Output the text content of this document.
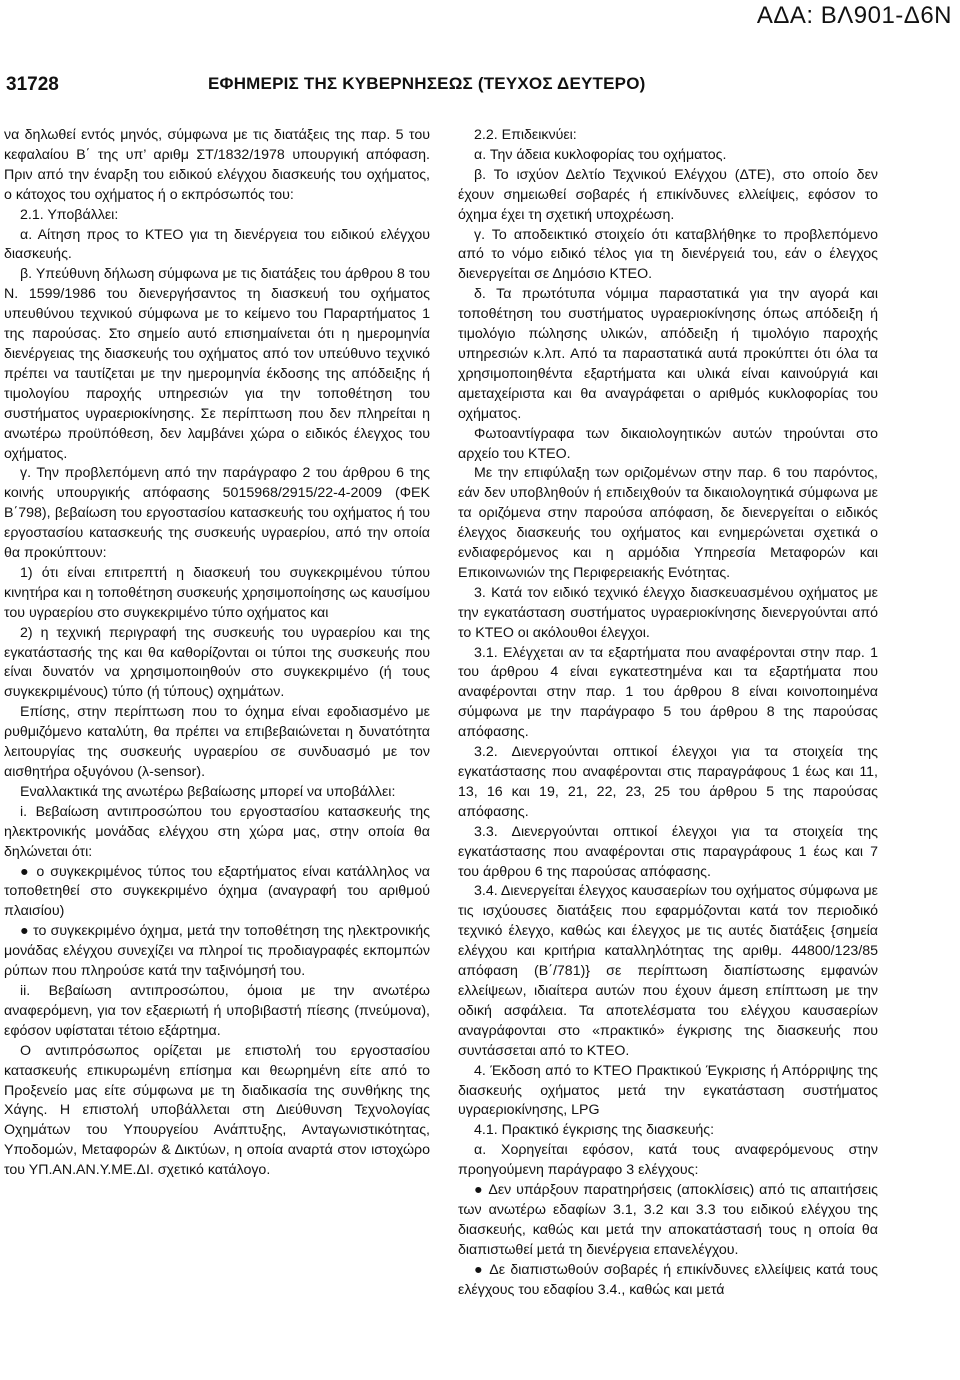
ΑΔΑ: ΒΛ901-Δ6Ν
31728	ΕΦΗΜΕΡΙΣ ΤΗΣ ΚΥΒΕΡΝΗΣΕΩΣ (ΤΕΥΧΟΣ ΔΕΥΤΕΡΟ)

να δηλωθεί εντός μηνός, σύμφωνα με τις διατάξεις της παρ. 5 του κεφαλαίου Β΄ της υπ’ αριθμ ΣΤ/1832/1978 υπουργική απόφαση. Πριν από την έναρξη του ειδικού ελέγχου διασκευής του οχήματος, ο κάτοχος του οχήματος ή ο εκπρόσωπός του:

2.1. Υποβάλλει:

α. Αίτηση προς το ΚΤΕΟ για τη διενέργεια του ειδικού ελέγχου διασκευής.

β. Υπεύθυνη δήλωση σύμφωνα με τις διατάξεις του άρθρου 8 του Ν. 1599/1986 του διενεργήσαντος τη διασκευή του οχήματος υπευθύνου τεχνικού σύμφωνα με το κείμενο του Παραρτήματος 1 της παρούσας. Στο σημείο αυτό επισημαίνεται ότι η ημερομηνία διενέργειας της διασκευής του οχήματος από τον υπεύθυνο τεχνικό πρέπει να ταυτίζεται με την ημερομηνία έκδοσης της απόδειξης ή τιμολογίου παροχής υπηρεσιών για την τοποθέτηση του συστήματος υγραεριοκίνησης. Σε περίπτωση που δεν πληρείται η ανωτέρω προϋπόθεση, δεν λαμβάνει χώρα ο ειδικός έλεγχος του οχήματος.

γ. Την προβλεπόμενη από την παράγραφο 2 του άρθρου 6 της κοινής υπουργικής απόφασης 5015968/2915/22-4-2009 (ΦΕΚ Β΄798), βεβαίωση του εργοστασίου κατασκευής του οχήματος ή του εργοστασίου κατασκευής της συσκευής υγραερίου, από την οποία θα προκύπτουν:

1) ότι είναι επιτρεπτή η διασκευή του συγκεκριμένου τύπου κινητήρα και η τοποθέτηση συσκευής χρησιμοποίησης ως καυσίμου του υγραερίου στο συγκεκριμένο τύπο οχήματος και

2) η τεχνική περιγραφή της συσκευής του υγραερίου και της εγκατάστασής της και θα καθορίζονται οι τύποι της συσκευής που είναι δυνατόν να χρησιμοποιηθούν στο συγκεκριμένο (ή τους συγκεκριμένους) τύπο (ή τύπους) οχημάτων.

Επίσης, στην περίπτωση που το όχημα είναι εφοδιασμένο με ρυθμιζόμενο καταλύτη, θα πρέπει να επιβεβαιώνεται η δυνατότητα λειτουργίας της συσκευής υγραερίου σε συνδυασμό με τον αισθητήρα οξυγόνου (λ-sensor).

Εναλλακτικά της ανωτέρω βεβαίωσης μπορεί να υποβάλλει:

i. Βεβαίωση αντιπροσώπου του εργοστασίου κατασκευής της ηλεκτρονικής μονάδας ελέγχου στη χώρα μας, στην οποία θα δηλώνεται ότι:

● ο συγκεκριμένος τύπος του εξαρτήματος είναι κατάλληλος να τοποθετηθεί στο συγκεκριμένο όχημα (αναγραφή του αριθμού πλαισίου)

● το συγκεκριμένο όχημα, μετά την τοποθέτηση της ηλεκτρονικής μονάδας ελέγχου συνεχίζει να πληροί τις προδιαγραφές εκπομπών ρύπων που πληρούσε κατά την ταξινόμησή του.

ii. Βεβαίωση αντιπροσώπου, όμοια με την ανωτέρω αναφερόμενη, για τον εξαεριωτή ή υποβιβαστή πίεσης (πνεύμονα), εφόσον υφίσταται τέτοιο εξάρτημα.

Ο αντιπρόσωπος ορίζεται με επιστολή του εργοστασίου κατασκευής επικυρωμένη επίσημα και θεωρημένη είτε από το Προξενείο μας είτε σύμφωνα με τη διαδικασία της συνθήκης της Χάγης. Η επιστολή υποβάλλεται στη Διεύθυνση Τεχνολογίας Οχημάτων του Υπουργείου Ανάπτυξης, Ανταγωνιστικότητας, Υποδομών, Μεταφορών & Δικτύων, η οποία αναρτά στον ιστοχώρο του ΥΠ.ΑΝ.ΑΝ.Υ.ΜΕ.ΔΙ. σχετικό κατάλογο.

2.2. Επιδεικνύει:

α. Την άδεια κυκλοφορίας του οχήματος.

β. Το ισχύον Δελτίο Τεχνικού Ελέγχου (ΔΤΕ), στο οποίο δεν έχουν σημειωθεί σοβαρές ή επικίνδυνες ελλείψεις, εφόσον το όχημα έχει τη σχετική υποχρέωση.

γ. Το αποδεικτικό στοιχείο ότι καταβλήθηκε το προβλεπόμενο από το νόμο ειδικό τέλος για τη διενέργειά του, εάν ο έλεγχος διενεργείται σε Δημόσιο ΚΤΕΟ.

δ. Τα πρωτότυπα νόμιμα παραστατικά για την αγορά και τοποθέτηση του συστήματος υγραεριοκίνησης όπως απόδειξη ή τιμολόγιο πώλησης υλικών, απόδειξη ή τιμολόγιο παροχής υπηρεσιών κ.λπ. Από τα παραστατικά αυτά προκύπτει ότι όλα τα χρησιμοποιηθέντα εξαρτήματα και υλικά είναι καινούργιά και αμεταχείριστα και θα αναγράφεται ο αριθμός κυκλοφορίας του οχήματος.

Φωτοαντίγραφα των δικαιολογητικών αυτών τηρούνται στο αρχείο του ΚΤΕΟ.

Με την επιφύλαξη των οριζομένων στην παρ. 6 του παρόντος, εάν δεν υποβληθούν ή επιδειχθούν τα δικαιολογητικά σύμφωνα με τα οριζόμενα στην παρούσα απόφαση, δε διενεργείται ο ειδικός έλεγχος διασκευής του οχήματος και ενημερώνεται σχετικά ο ενδιαφερόμενος και η αρμόδια Υπηρεσία Μεταφορών και Επικοινωνιών της Περιφερειακής Ενότητας.

3. Κατά τον ειδικό τεχνικό έλεγχο διασκευασμένου οχήματος με την εγκατάσταση συστήματος υγραεριοκίνησης διενεργούνται από το ΚΤΕΟ οι ακόλουθοι έλεγχοι.

3.1. Ελέγχεται αν τα εξαρτήματα που αναφέρονται στην παρ. 1 του άρθρου 4 είναι εγκατεστημένα και τα εξαρτήματα που αναφέρονται στην παρ. 1 του άρθρου 8 είναι κοινοποιημένα σύμφωνα με την παράγραφο 5 του άρθρου 8 της παρούσας απόφασης.

3.2. Διενεργούνται οπτικοί έλεγχοι για τα στοιχεία της εγκατάστασης που αναφέρονται στις παραγράφους 1 έως και 11, 13, 16 και 19, 21, 22, 23, 25 του άρθρου 5 της παρούσας απόφασης.

3.3. Διενεργούνται οπτικοί έλεγχοι για τα στοιχεία της εγκατάστασης που αναφέρονται στις παραγράφους 1 έως και 7 του άρθρου 6 της παρούσας απόφασης.

3.4. Διενεργείται έλεγχος καυσαερίων του οχήματος σύμφωνα με τις ισχύουσες διατάξεις που εφαρμόζονται κατά τον περιοδικό τεχνικό έλεγχο, καθώς και έλεγχος με τις αυτές διατάξεις {σημεία ελέγχου και κριτήρια καταλληλότητας της αριθμ. 44800/123/85 απόφαση (Β΄/781)} σε περίπτωση διαπίστωσης εμφανών ελλείψεων, ιδιαίτερα αυτών που έχουν άμεση επίπτωση με την οδική ασφάλεια. Τα αποτελέσματα του ελέγχου καυσαερίων αναγράφονται στο «πρακτικό» έγκρισης της διασκευής που συντάσσεται από το ΚΤΕΟ.

4. Έκδοση από το ΚΤΕΟ Πρακτικού Έγκρισης ή Απόρριψης της διασκευής οχήματος μετά την εγκατάσταση συστήματος υγραεριοκίνησης, LPG

4.1. Πρακτικό έγκρισης της διασκευής:

α. Χορηγείται εφόσον, κατά τους αναφερόμενους στην προηγούμενη παράγραφο 3 ελέγχους:

● Δεν υπάρξουν παρατηρήσεις (αποκλίσεις) από τις απαιτήσεις των ανωτέρω εδαφίων 3.1, 3.2 και 3.3 του ειδικού ελέγχου της διασκευής, καθώς και μετά την αποκατάστασή τους η οποία θα διαπιστωθεί μετά τη διενέργεια επανελέγχου.

● Δε διαπιστωθούν σοβαρές ή επικίνδυνες ελλείψεις κατά τους ελέγχους του εδαφίου 3.4., καθώς και μετά
